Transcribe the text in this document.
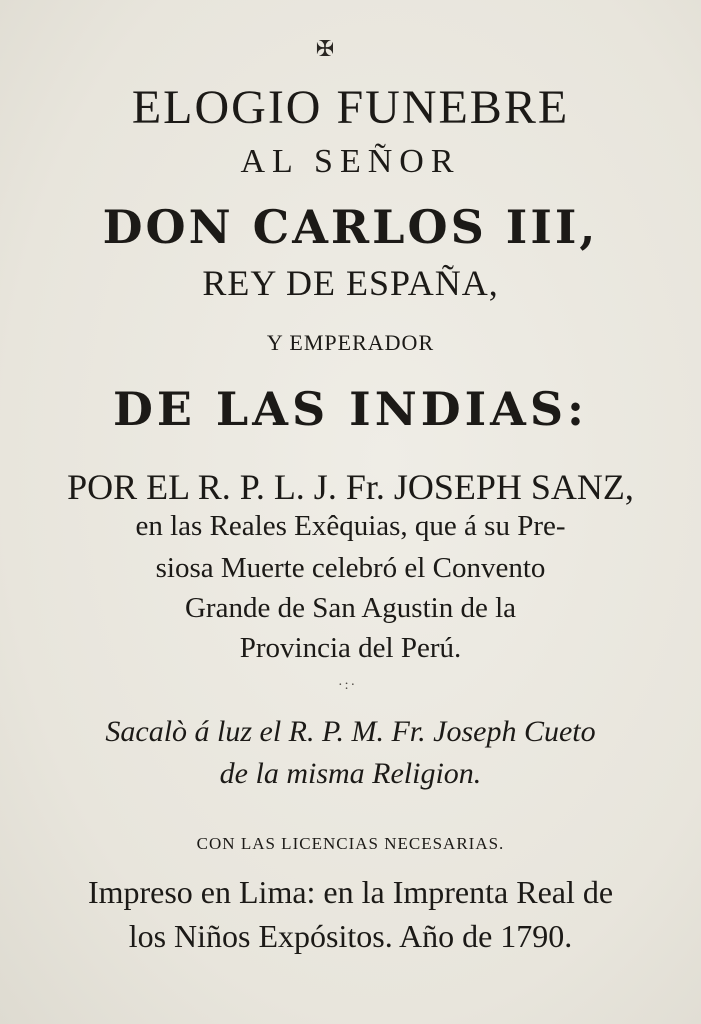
✠
ELOGIO FUNEBRE
AL SEÑOR
DON CARLOS III,
REY DE ESPAÑA,
Y EMPERADOR
DE LAS INDIAS:
POR EL R. P. L. J. Fr. JOSEPH SANZ,
en las Reales Exêquias, que á su Pre-
siosa Muerte celebró el Convento
Grande de San Agustin de la
Provincia del Perú.
·:·
Sacalò á luz el R. P. M. Fr. Joseph Cueto
de la misma Religion.
CON LAS LICENCIAS NECESARIAS.
Impreso en Lima: en la Imprenta Real de
los Niños Expósitos. Año de 1790.
